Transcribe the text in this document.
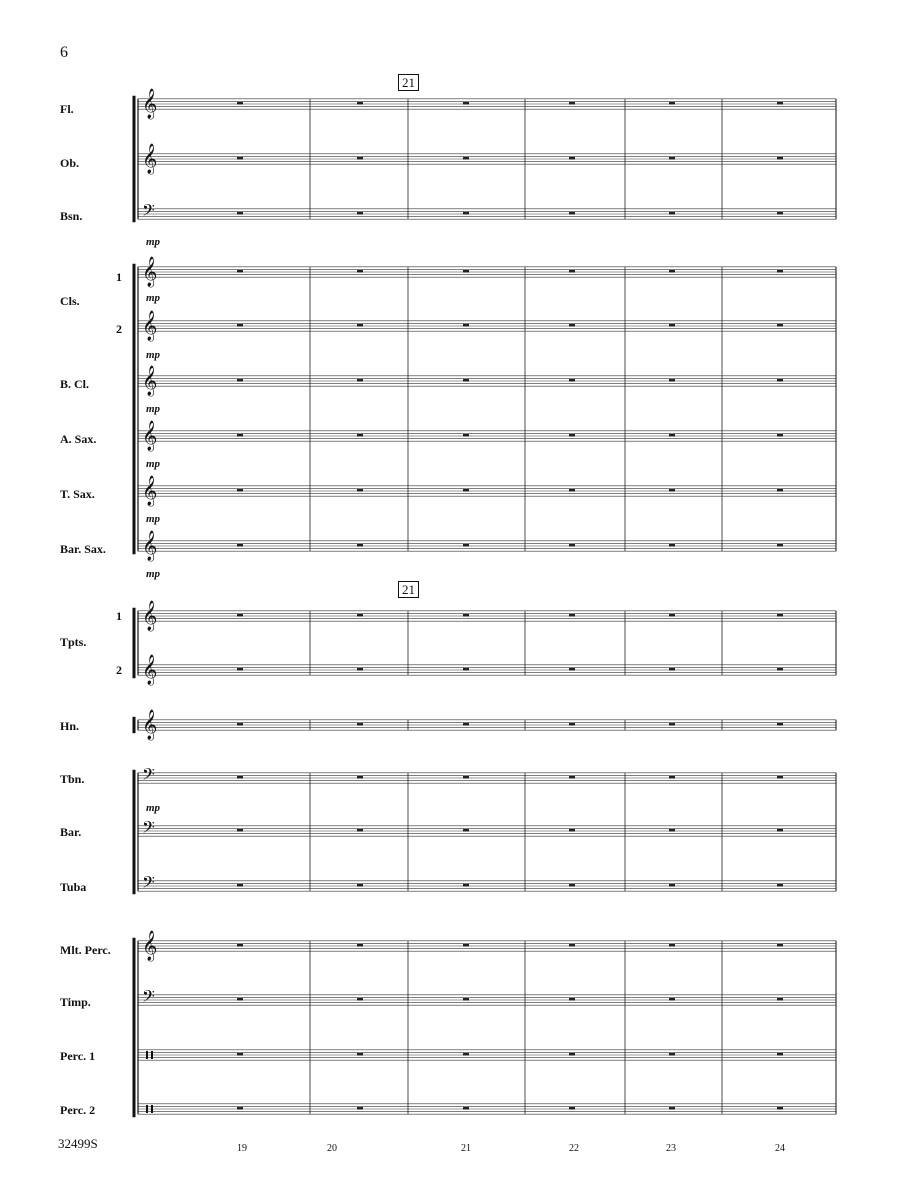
6
32499S
21
21
Fl.
Ob.
Bsn.
Cls.
1
2
B. Cl.
A. Sax.
T. Sax.
Bar. Sax.
Tpts.
1
2
Hn.
Tbn.
Bar.
Tuba
Mlt. Perc.
Timp.
Perc. 1
Perc. 2
mp
mp
mp
mp
mp
mp
mp
mp
19	20	21	22	23	24
𝄞
𝄞
𝄢
𝄞
𝄞
𝄞
𝄞
𝄞
𝄞
𝄞
𝄞
𝄞
𝄢
𝄢
𝄢
𝄞
𝄢
